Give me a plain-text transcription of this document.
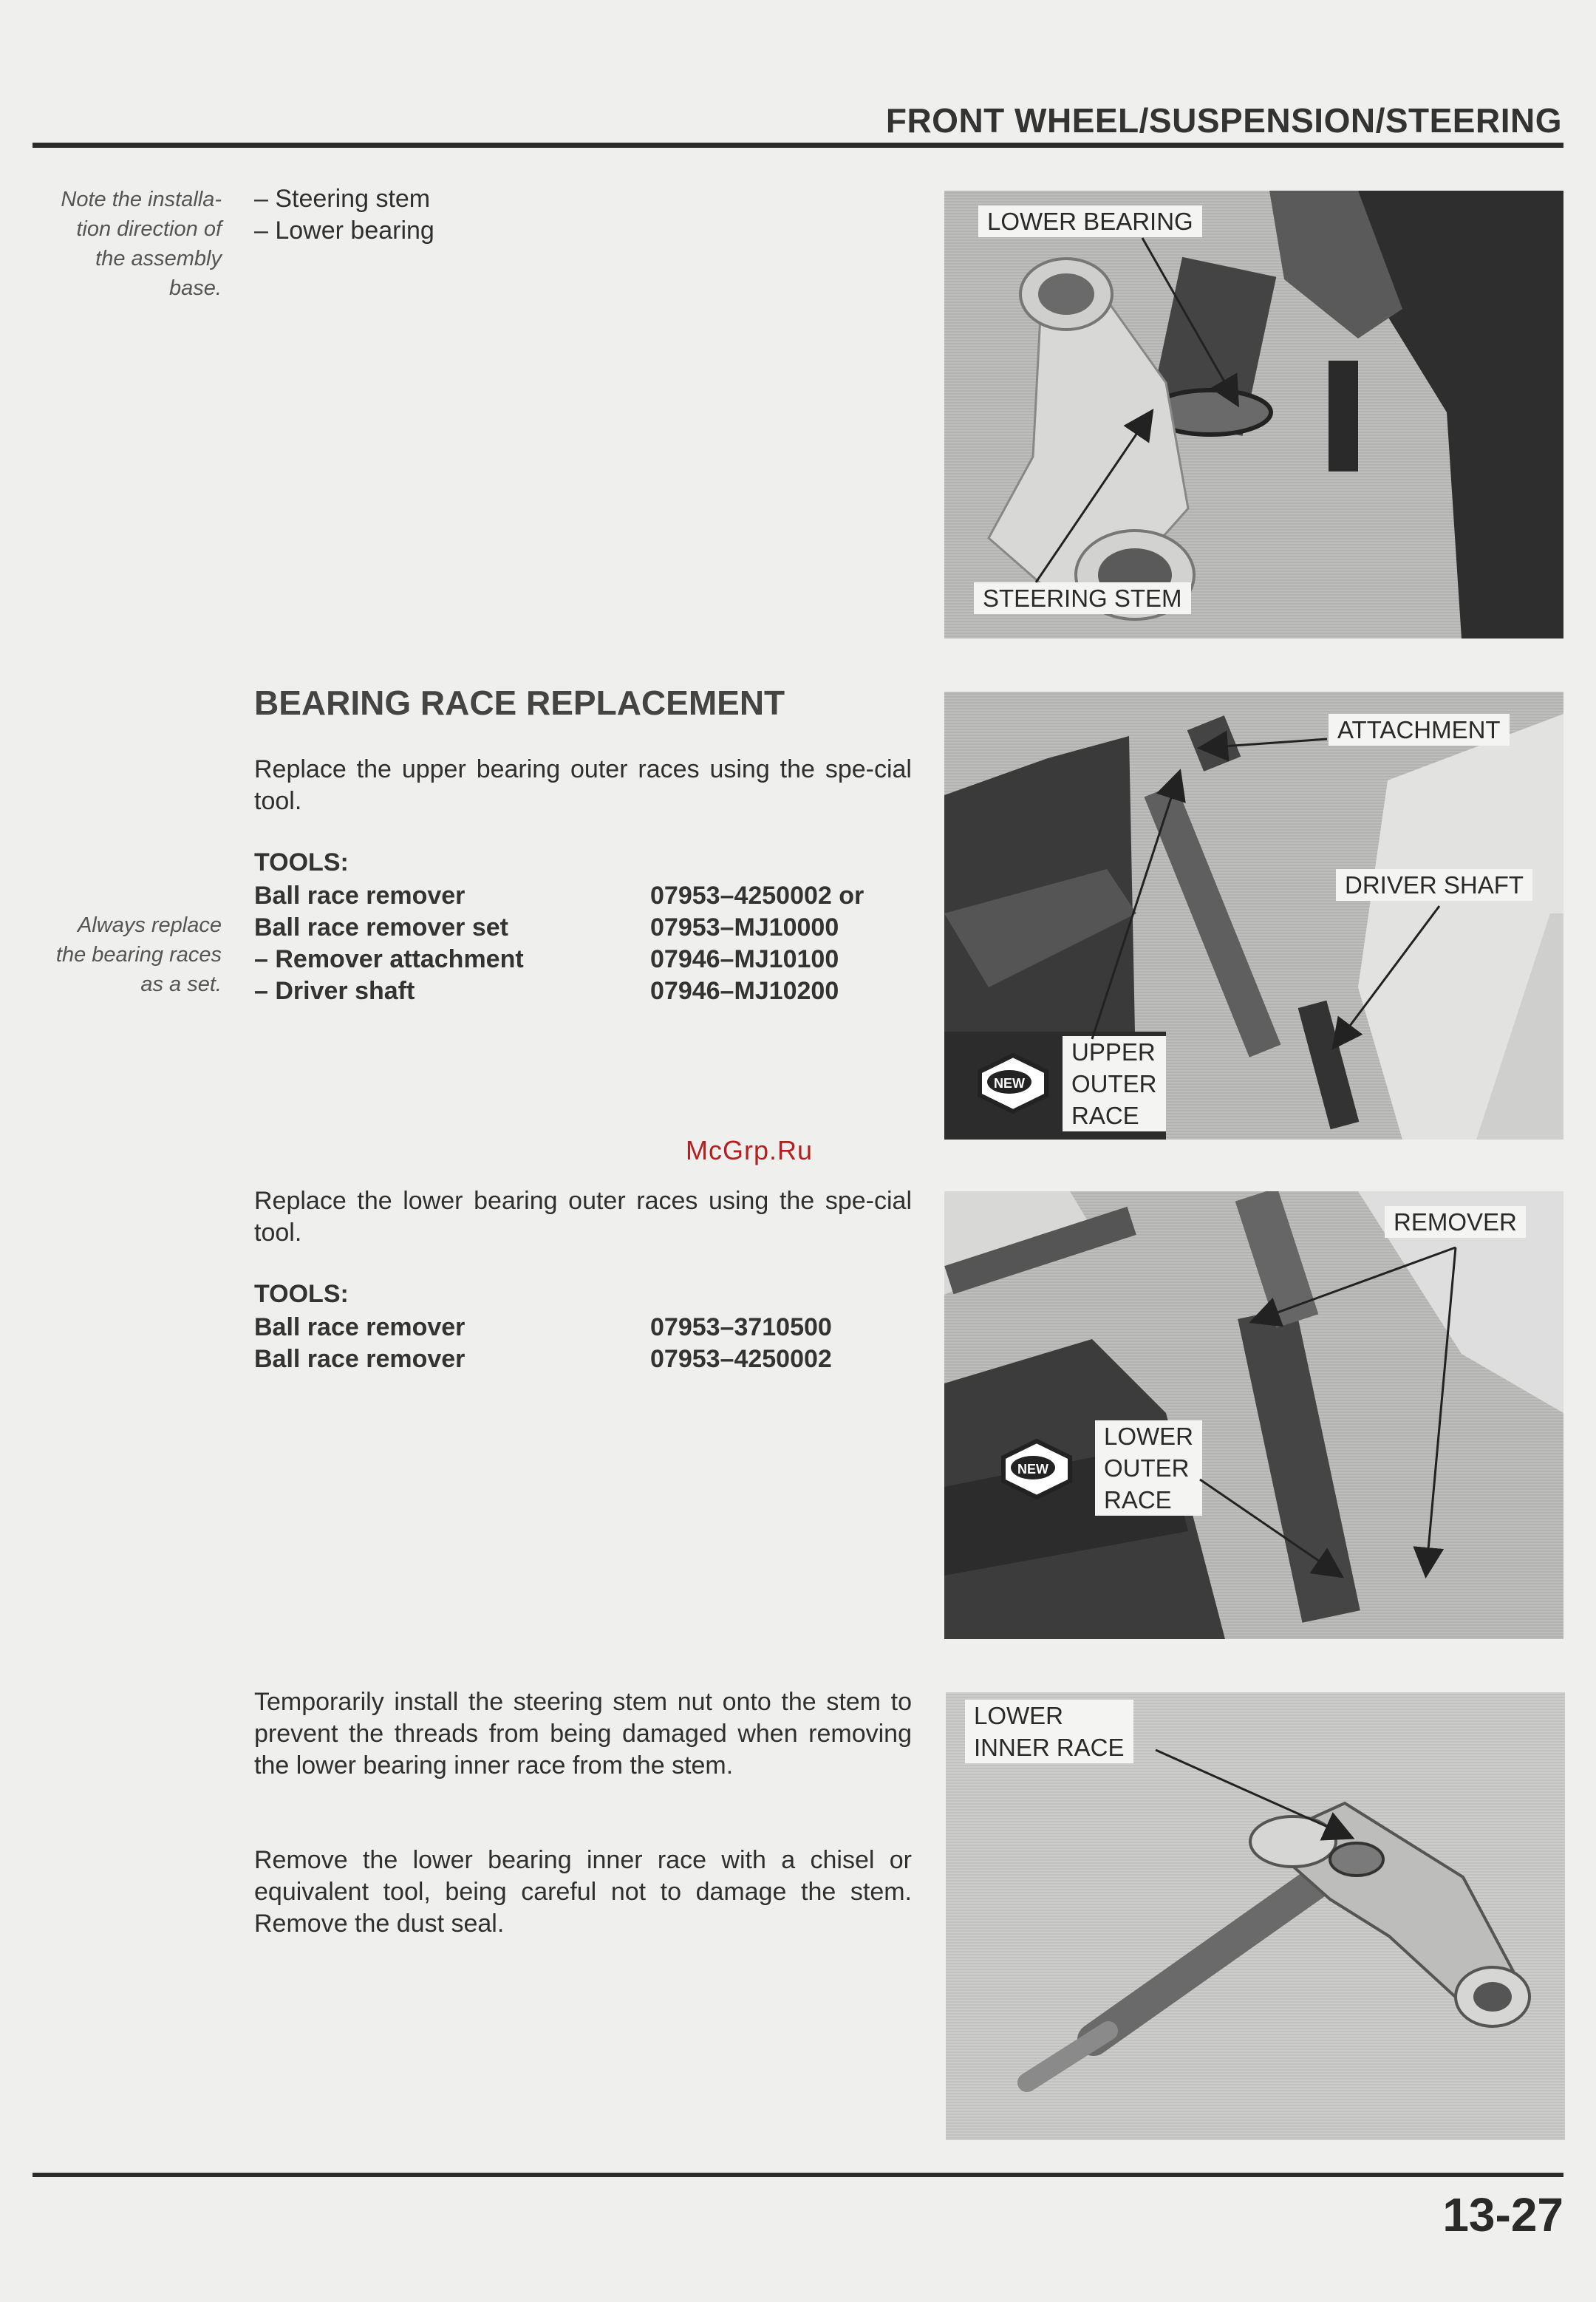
FRONT WHEEL/SUSPENSION/STEERING
Note the installa-
tion direction of
the assembly
base.
Always replace
the bearing races
as a set.
– Steering stem
– Lower bearing	LOWER BEARING
STEERING STEM
BEARING RACE REPLACEMENT
Replace the upper bearing outer races using the spe-cial tool.
TOOLS:
Ball race remover	07953–4250002 or
Ball race remover set	07953–MJ10000
– Remover attachment	07946–MJ10100
– Driver shaft	07946–MJ10200
ATTACHMENT
DRIVER SHAFT
UPPER
OUTER
RACE
NEW
McGrp.Ru
Replace the lower bearing outer races using the spe-cial tool.
TOOLS:
Ball race remover	07953–3710500
Ball race remover	07953–4250002
REMOVER
LOWER
OUTER
RACE
NEW
Temporarily install the steering stem nut onto the stem to prevent the threads from being damaged when removing the lower bearing inner race from the stem.
Remove the lower bearing inner race with a chisel or equivalent tool, being careful not to damage the stem. Remove the dust seal.
LOWER
INNER RACE
13-27
